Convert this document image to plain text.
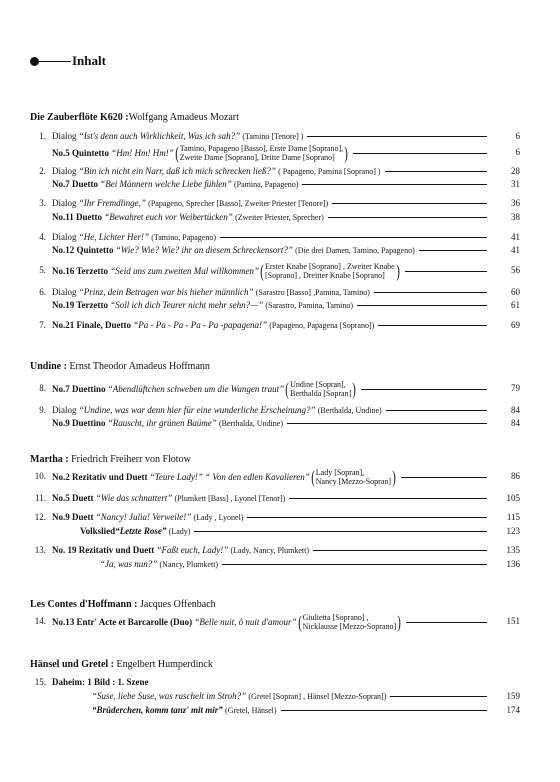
Inhalt
Die Zauberflöte K620 :Wolfgang Amadeus Mozart
1. Dialog
“Ist's denn auch Wirklichkeit, Was ich sah?”
(Tamino [Tenore] )	6
No.5 Quintetto
“Hm! Hm! Hm!” ( Tamino, Papageno [Basso], Erste Dame [Soprano],
Zweite Dame [Soprano], Dritte Dame [Soprano] )	6
2. Dialog
“Bin ich nicht ein Narr, daß ich mich schrecken ließ?”
( Papageno, Pamina [Soprano] )	28
No.7 Duetto
“Bei Männern welche Liebe fühlen”
(Pamina, Papageno)	31
3. Dialog
“Ihr Fremdlinge,”
(Papageno, Sprecher [Basso], Zweiter Priester [Tenore])	36
No.11 Duetto
“Bewahret euch vor Weibertücken”
(Zweiter Priester, Sprecher)	38
4. Dialog
“He, Lichter Her!”
(Tamino, Papageno)	41
No.12 Quintetto
“Wie? Wie? Wie? ihr an diesem Schreckensort?”
(Die drei Damen, Tamino, Papageno)	41
5. No.16 Terzetto
“Seid uns zum zweiten Mal willkommen” ( Erster Knabe [Soprano] , Zweiter Knabe
[Soprano] , Dreitter Knabe [Soprano] )	56
6. Dialog
“Prinz, dein Betragen war bis hieher männlich”
(Sarastro [Basso] ,Pamina, Tamino)	60
No.19 Terzetto
“Soll ich dich Teurer nicht mehr sehn?—”
(Sarastro, Pamina, Tamino)	61
7. No.21 Finale, Duetto
“Pa - Pa - Pa - Pa - Pa -papagena!”
(Papageno, Papagena [Soprano])	69
Undine : Ernst Theodor Amadeus Hoffmann
8. No.7 Duettino
“Abendlüftchen schweben um die Wangen traut” ( Undine [Sopran],
Berthalda [Sopran] )	79
9. Dialog
“Undine, was war denn hier für eine wunderliche Erscheinung?”
(Berthalda, Undine)	84
No.9 Duettino
“Rauscht, ihr grünen Baüme”
(Berthalda, Undine)	84
Martha : Friedrich Freiherr von Flotow
10. No.2 Rezitativ und Duett
“Teure Lady!” “ Von den edlen Kavalieren” ( Lady [Sopran],
Nancy [Mezzo-Sopran] )	86
11. No.5 Duett
“Wie das schnattert”
(Plumkett [Bass] , Lyonel [Tenor])	105
12. No.9 Duett
“Nancy! Julia! Verweile!”
(Lady , Lyonel)	115
Volkslied “Letzte Rose”
(Lady)	123
13. No. 19 Rezitativ und Duett
“Faßt euch, Lady!”
(Lady, Nancy, Plumkett)	135
“Ja, was nun?”
(Nancy, Plumkett)	136
Les Contes d'Hoffmann : Jacques Offenbach
14. No.13 Entr' Acte et Barcarolle (Duo)
“Belle nuit, ô nuit d'amour” ( Giulietta [Soprano] ,
Nicklausse [Mezzo-Soprano] )	151
Hänsel und Gretel : Engelbert Humperdinck
15. Daheim: 1 Bild : 1. Szene
“Suse, liebe Suse, was raschelt im Stroh?”
(Gretel [Sopran] , Hänsel [Mezzo-Sopran])	159
“Brüderchen, komm tanz' mit mir”
(Gretel, Hänsel)	174
